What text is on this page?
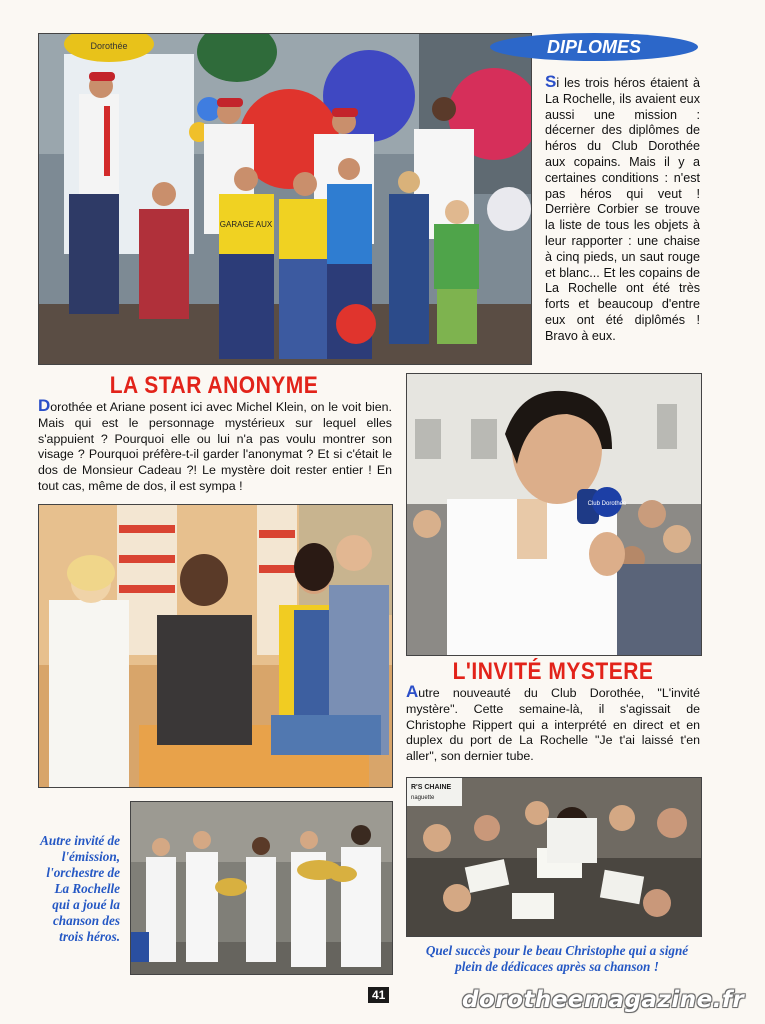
Dorothée
GARAGE AUX
DIPLOMES

Si les trois héros étaient à La Rochelle, ils avaient eux aussi une mission : décerner des diplômes de héros du Club Dorothée aux copains. Mais il y a certaines conditions : n'est pas héros qui veut ! Derrière Corbier se trouve la liste de tous les objets à leur rapporter : une chaise à cinq pieds, un saut rouge et blanc... Et les copains de La Rochelle ont été très forts et beaucoup d'entre eux ont été diplômés ! Bravo à eux.

LA STAR ANONYME

Dorothée et Ariane posent ici avec Michel Klein, on le voit bien. Mais qui est le personnage mystérieux sur lequel elles s'appuient ? Pourquoi elle ou lui n'a pas voulu montrer son visage ? Pourquoi préfère-t-il garder l'anonymat ? Et si c'était le dos de Monsieur Cadeau ?! Le mystère doit rester entier ! En tout cas, même de dos, il est sympa !

Club Dorothée
L'INVITÉ MYSTERE

Autre nouveauté du Club Dorothée, "L'invité mystère". Cette semaine-là, il s'agissait de Christophe Rippert qui a interprété en direct et en duplex du port de La Rochelle "Je t'ai laissé t'en aller", son dernier tube.

Autre invité de l'émission, l'orchestre de La Rochelle qui a joué la chanson des trois héros.

R'S CHAINE
naguette

Quel succès pour le beau Christophe qui a signé plein de dédicaces après sa chanson !

41	dorotheemagazine.fr
